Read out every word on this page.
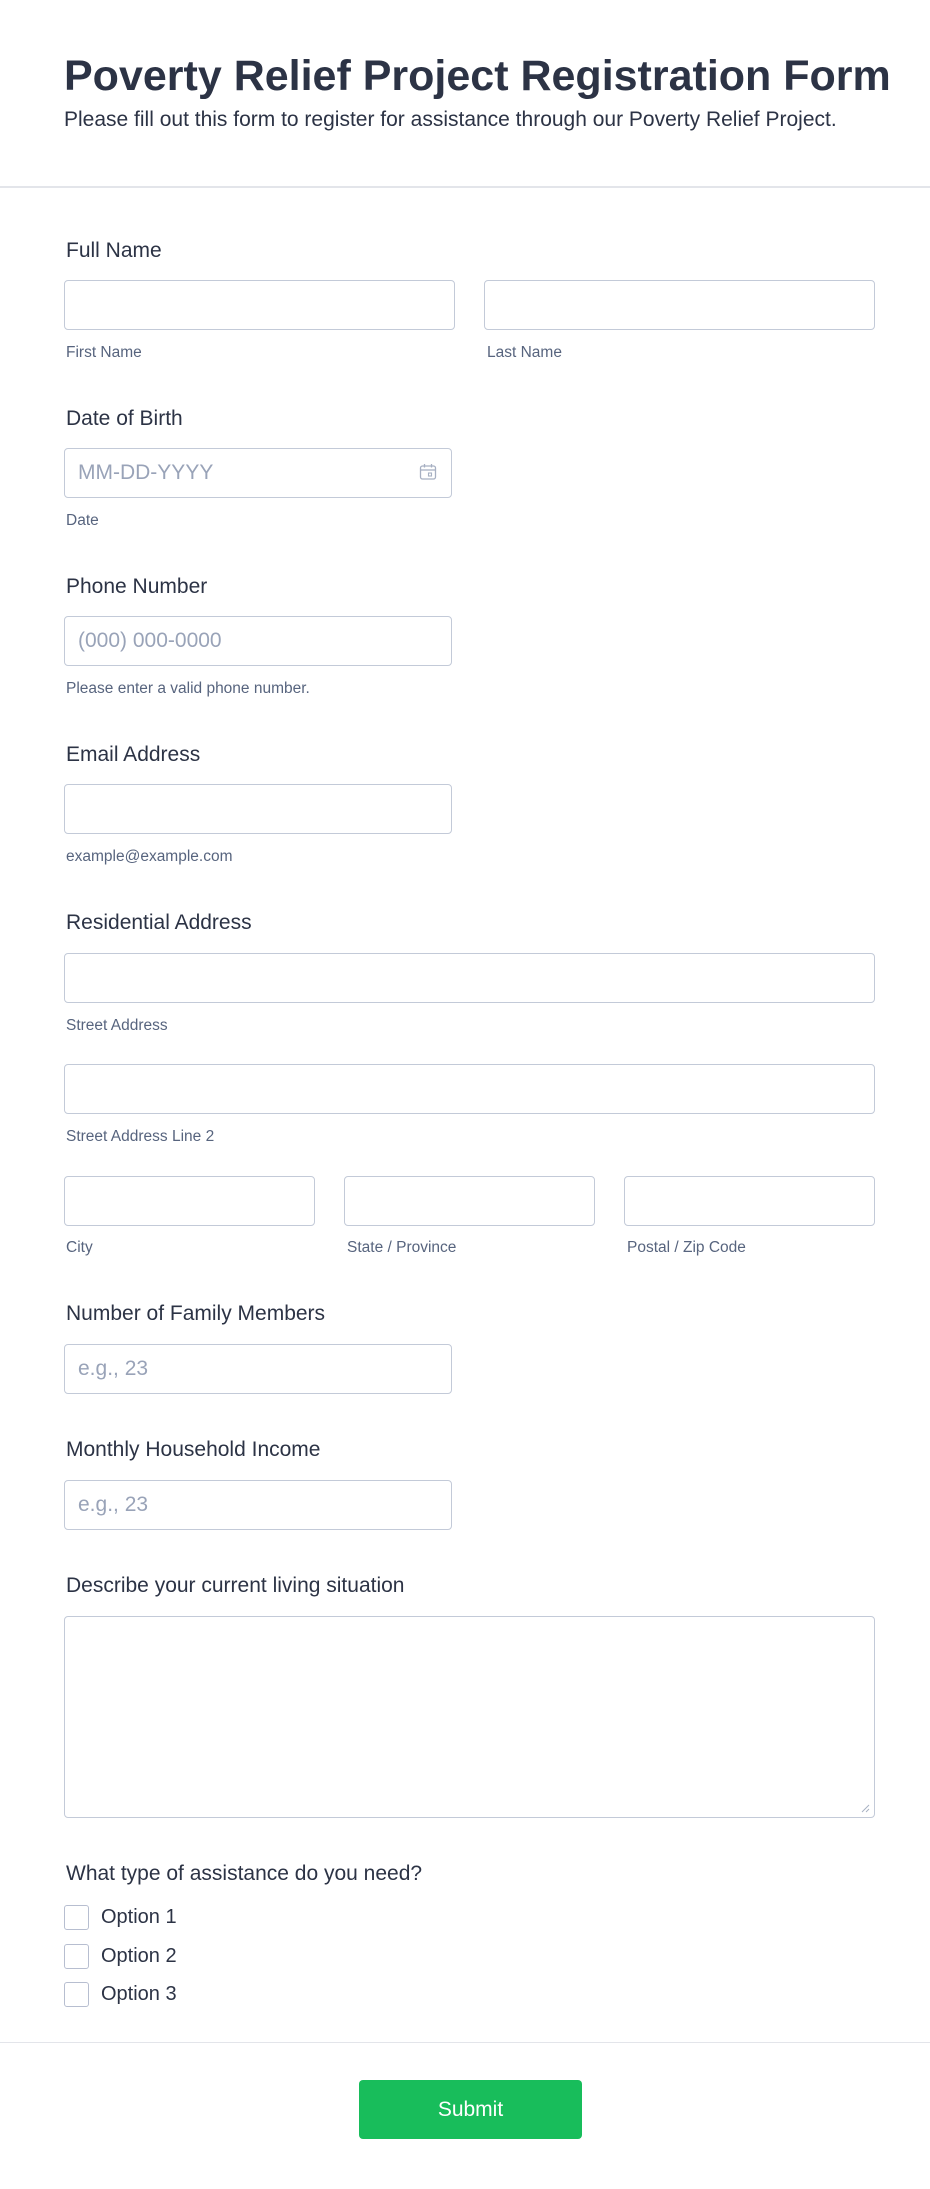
Poverty Relief Project Registration Form
Please fill out this form to register for assistance through our Poverty Relief Project.
Full Name
First Name	Last Name
Date of Birth
MM-DD-YYYY
Date
Phone Number
(000) 000-0000
Please enter a valid phone number.
Email Address
example@example.com
Residential Address
Street Address
Street Address Line 2
City	State / Province	Postal / Zip Code
Number of Family Members
e.g., 23
Monthly Household Income
e.g., 23
Describe your current living situation
What type of assistance do you need?
Option 1
Option 2
Option 3
Submit
